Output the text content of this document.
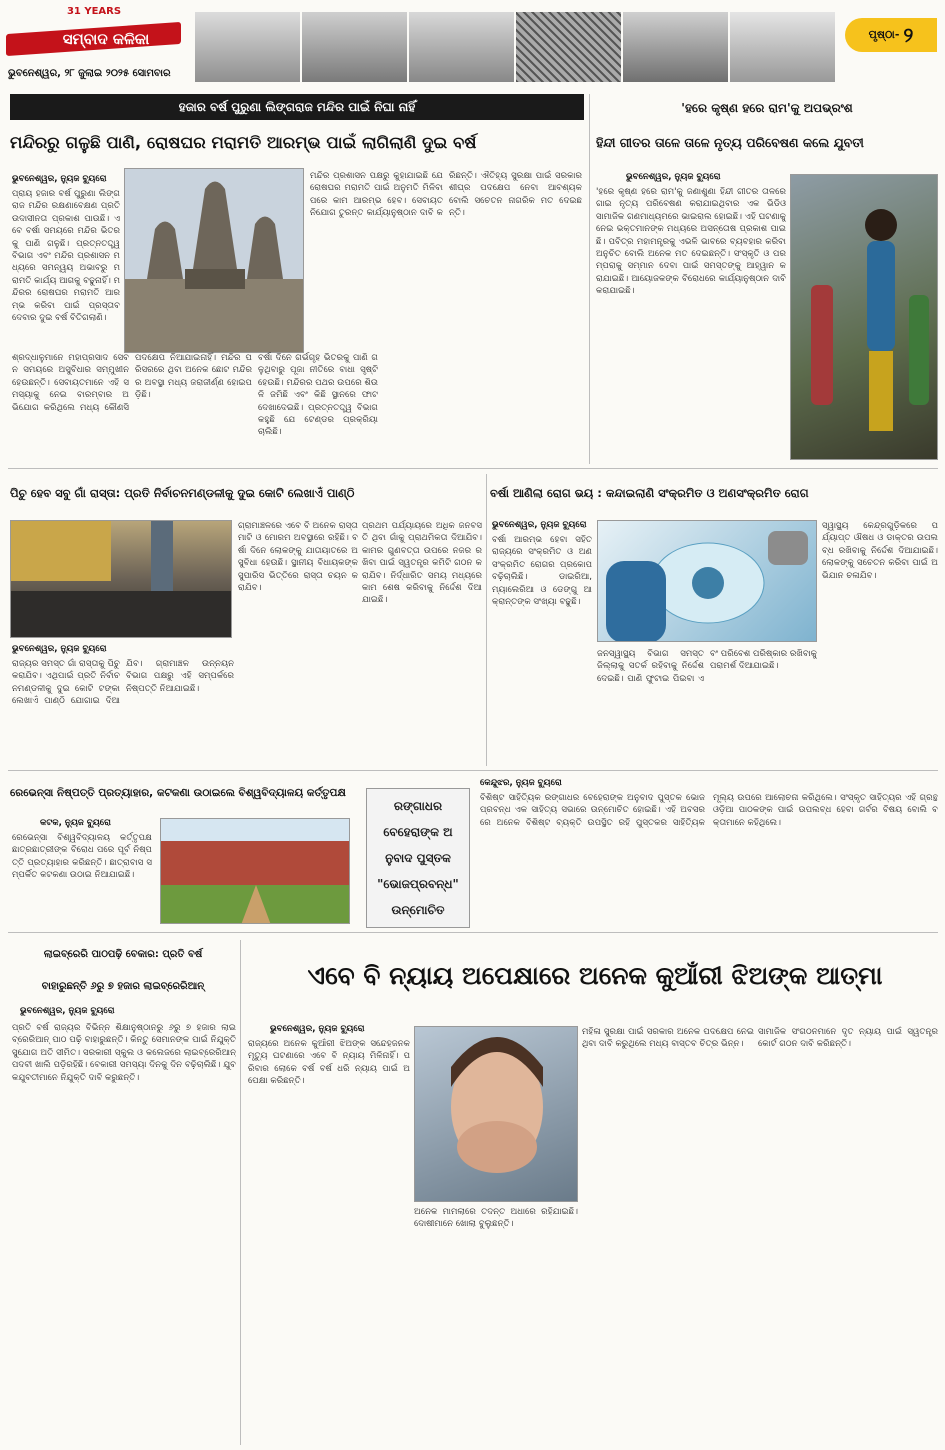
31 YEARS
ସମ୍ବାଦ କଳିକା
ଭୁବନେଶ୍ୱର, ୨୮ ଜୁଲାଇ ୨୦୨୫ ସୋମବାର
ପୃଷ୍ଠା- ୨
ହଜାର ବର୍ଷ ପୁରୁଣା ଲିଙ୍ଗରାଜ ମନ୍ଦିର ପାଇଁ ନିଘା ନାହିଁ
ମନ୍ଦିରରୁ ଗଳୁଛି ପାଣି, ରୋଷଘର ମରାମତି ଆରମ୍ଭ ପାଇଁ ଲାଗିଲାଣି ଦୁଇ ବର୍ଷ
ଭୁବନେଶ୍ୱର, ନ୍ୟୁଜ ବ୍ୟୁରୋ
ପ୍ରାୟ ହଜାର ବର୍ଷ ପୁରୁଣା ଲିଙ୍ଗରାଜ ମନ୍ଦିର ରକ୍ଷଣାବେକ୍ଷଣ ପ୍ରତି ଉଦାସୀନତା ପ୍ରକାଶ ପାଉଛି। ଏବେ ବର୍ଷା ସମୟରେ ମନ୍ଦିର ଭିତରକୁ ପାଣି ଗଳୁଛି। ପ୍ରତ୍ନତତ୍ତ୍ୱ ବିଭାଗ ଏବଂ ମନ୍ଦିର ପ୍ରଶାସନ ମଧ୍ୟରେ ସମନ୍ୱୟ ଅଭାବରୁ ମରାମତି କାର୍ଯ୍ୟ ଆଗକୁ ବଢୁନାହିଁ। ମନ୍ଦିରର ରୋଷଘର ମରାମତି ଆରମ୍ଭ କରିବା ପାଇଁ ପ୍ରସ୍ତାବ ଦେବାର ଦୁଇ ବର୍ଷ ବିତିଗଲାଣି।
ଶ୍ରଦ୍ଧାଳୁମାନେ ମହାପ୍ରସାଦ ସେବନ ସମୟରେ ଅସୁବିଧାର ସମ୍ମୁଖୀନ ହେଉଛନ୍ତି। ସେବାୟତମାନେ ଏହି ସମସ୍ୟାକୁ ନେଇ ବାରମ୍ବାର ଅଭିଯୋଗ କରିଥିଲେ ମଧ୍ୟ କୌଣସି ପଦକ୍ଷେପ ନିଆଯାଇନାହିଁ। ମନ୍ଦିର ପରିସରରେ ଥିବା ଅନେକ ଛୋଟ ମନ୍ଦିରର ଅବସ୍ଥା ମଧ୍ୟ ଜରାଜୀର୍ଣ୍ଣ ହୋଇପଡ଼ିଛି।
ବର୍ଷା ଦିନେ ଗର୍ଭଗୃହ ଭିତରକୁ ପାଣି ଗଳୁଥିବାରୁ ପୂଜା ନୀତିରେ ବାଧା ସୃଷ୍ଟି ହେଉଛି। ମନ୍ଦିରର ପଥର ଉପରେ ଶିଉଳି ଜମିଛି ଏବଂ କିଛି ସ୍ଥାନରେ ଫାଟ ଦେଖାଦେଇଛି। ପ୍ରତ୍ନତତ୍ତ୍ୱ ବିଭାଗ କହୁଛି ଯେ ଟେଣ୍ଡର ପ୍ରକ୍ରିୟା ଚାଲିଛି।
ମନ୍ଦିର ପ୍ରଶାସନ ପକ୍ଷରୁ କୁହାଯାଇଛି ଯେ ରୋଷଘର ମରାମତି ପାଇଁ ଅନୁମତି ମିଳିବା ପରେ କାମ ଆରମ୍ଭ ହେବ। ସେବାୟତ ନିଯୋଗ ତୁରନ୍ତ କାର୍ଯ୍ୟାନୁଷ୍ଠାନ ଦାବି କରିଛନ୍ତି। ଐତିହ୍ୟ ସୁରକ୍ଷା ପାଇଁ ସରକାର ଶୀଘ୍ର ପଦକ୍ଷେପ ନେବା ଆବଶ୍ୟକ ବୋଲି ସଚେତନ ନାଗରିକ ମତ ଦେଇଛନ୍ତି।
'ହରେ କୃଷ୍ଣ ହରେ ରାମ'କୁ ଅପଭ୍ରଂଶ
ହିନ୍ଦୀ ଗୀତର ତାଳେ ତାଳେ ନୃତ୍ୟ ପରିବେଷଣ କଲେ ଯୁବତୀ
ଭୁବନେଶ୍ୱର, ନ୍ୟୁଜ ବ୍ୟୁରୋ
'ହରେ କୃଷ୍ଣ ହରେ ରାମ'କୁ ଜଣାଶୁଣା ହିନ୍ଦୀ ଗୀତର ତାଳରେ ଗାଇ ନୃତ୍ୟ ପରିବେଷଣ କରାଯାଇଥିବାର ଏକ ଭିଡିଓ ସାମାଜିକ ଗଣମାଧ୍ୟମରେ ଭାଇରାଲ ହୋଇଛି। ଏହି ଘଟଣାକୁ ନେଇ ଭକ୍ତମାନଙ୍କ ମଧ୍ୟରେ ଅସନ୍ତୋଷ ପ୍ରକାଶ ପାଇଛି। ପବିତ୍ର ମହାମନ୍ତ୍ରକୁ ଏଭଳି ଭାବରେ ବ୍ୟବହାର କରିବା ଅନୁଚିତ ବୋଲି ଅନେକ ମତ ଦେଇଛନ୍ତି। ସଂସ୍କୃତି ଓ ପରମ୍ପରାକୁ ସମ୍ମାନ ଦେବା ପାଇଁ ସମସ୍ତଙ୍କୁ ଆହ୍ୱାନ କରାଯାଇଛି। ଆୟୋଜକଙ୍କ ବିରୋଧରେ କାର୍ଯ୍ୟାନୁଷ୍ଠାନ ଦାବି କରାଯାଇଛି।
ପିଚୁ ହେବ ସବୁ ଗାଁ ରାସ୍ତା: ପ୍ରତି ନିର୍ବାଚନମଣ୍ଡଳୀକୁ ଦୁଇ କୋଟି ଲେଖାଏଁ ପାଣ୍ଠି
ଭୁବନେଶ୍ୱର, ନ୍ୟୁଜ ବ୍ୟୁରୋ
ରାଜ୍ୟର ସମସ୍ତ ଗାଁ ରାସ୍ତାକୁ ପିଚୁ କରାଯିବ। ଏଥିପାଇଁ ପ୍ରତି ନିର୍ବାଚନମଣ୍ଡଳୀକୁ ଦୁଇ କୋଟି ଟଙ୍କା ଲେଖାଏଁ ପାଣ୍ଠି ଯୋଗାଇ ଦିଆଯିବ। ଗ୍ରାମାଞ୍ଚଳ ଉନ୍ନୟନ ବିଭାଗ ପକ୍ଷରୁ ଏହି ସମ୍ପର୍କରେ ନିଷ୍ପତ୍ତି ନିଆଯାଇଛି।
ଗ୍ରାମାଞ୍ଚଳରେ ଏବେ ବି ଅନେକ ରାସ୍ତା ମାଟି ଓ ମୋରମ ଅବସ୍ଥାରେ ରହିଛି। ବର୍ଷା ଦିନେ ଲୋକଙ୍କୁ ଯାତାୟାତରେ ଅସୁବିଧା ହେଉଛି। ସ୍ଥାନୀୟ ବିଧାୟକଙ୍କ ସୁପାରିସ ଭିତ୍ତିରେ ରାସ୍ତା ଚୟନ କରାଯିବ।
ପ୍ରଥମ ପର୍ଯ୍ୟାୟରେ ଅଧିକ ଜନବସତି ଥିବା ଗାଁକୁ ପ୍ରାଥମିକତା ଦିଆଯିବ। କାମର ଗୁଣବତ୍ତା ଉପରେ ନଜର ରଖିବା ପାଇଁ ସ୍ୱତନ୍ତ୍ର କମିଟି ଗଠନ କରାଯିବ। ନିର୍ଦ୍ଧାରିତ ସମୟ ମଧ୍ୟରେ କାମ ଶେଷ କରିବାକୁ ନିର୍ଦ୍ଦେଶ ଦିଆଯାଇଛି।
ବର୍ଷା ଆଣିଲା ରୋଗ ଭୟ : କନ୍ଦାଇଲାଣି ସଂକ୍ରମିତ ଓ ଅଣସଂକ୍ରମିତ ରୋଗ
ଭୁବନେଶ୍ୱର, ନ୍ୟୁଜ ବ୍ୟୁରୋ
ବର୍ଷା ଆରମ୍ଭ ହେବା ସହିତ ରାଜ୍ୟରେ ସଂକ୍ରମିତ ଓ ଅଣସଂକ୍ରମିତ ରୋଗର ପ୍ରକୋପ ବଢ଼ିଚାଲିଛି। ଡାଇରିଆ, ମ୍ୟାଲେରିଆ ଓ ଡେଙ୍ଗୁ ଆକ୍ରାନ୍ତଙ୍କ ସଂଖ୍ୟା ବଢୁଛି।
ଜନସ୍ୱାସ୍ଥ୍ୟ ବିଭାଗ ସମସ୍ତ ଜିଲ୍ଲାକୁ ସତର୍କ ରହିବାକୁ ନିର୍ଦ୍ଦେଶ ଦେଇଛି। ପାଣି ଫୁଟାଇ ପିଇବା ଏବଂ ପରିବେଶ ପରିଷ୍କାର ରଖିବାକୁ ପରାମର୍ଶ ଦିଆଯାଇଛି।
ସ୍ୱାସ୍ଥ୍ୟ କେନ୍ଦ୍ରଗୁଡ଼ିକରେ ପର୍ଯ୍ୟାପ୍ତ ଔଷଧ ଓ ଡାକ୍ତର ଉପଲବ୍ଧ ରଖିବାକୁ ନିର୍ଦ୍ଦେଶ ଦିଆଯାଇଛି। ଲୋକଙ୍କୁ ସଚେତନ କରିବା ପାଇଁ ଅଭିଯାନ ଚଳାଯିବ।
ରେଭେନ୍ସା ନିଷ୍ପତ୍ତି ପ୍ରତ୍ୟାହାର, କଟକଣା ଉଠାଇଲେ ବିଶ୍ୱବିଦ୍ୟାଳୟ କର୍ତ୍ତୃପକ୍ଷ
କଟକ, ନ୍ୟୁଜ ବ୍ୟୁରୋ
ରେଭେନ୍ସା ବିଶ୍ୱବିଦ୍ୟାଳୟ କର୍ତ୍ତୃପକ୍ଷ ଛାତ୍ରଛାତ୍ରୀଙ୍କ ବିରୋଧ ପରେ ପୂର୍ବ ନିଷ୍ପତ୍ତି ପ୍ରତ୍ୟାହାର କରିଛନ୍ତି। ଛାତ୍ରାବାସ ସମ୍ପର୍କିତ କଟକଣା ଉଠାଇ ନିଆଯାଇଛି।
ରଙ୍ଗାଧର ବେହେରାଙ୍କ ଅନୁବାଦ ପୁସ୍ତକ "ଭୋଜପ୍ରବନ୍ଧ" ଉନ୍ମୋଚିତ
କେନ୍ଦୁଝର, ନ୍ୟୁଜ ବ୍ୟୁରୋ
ବିଶିଷ୍ଟ ସାହିତ୍ୟିକ ରଙ୍ଗାଧର ବେହେରାଙ୍କ ଅନୁବାଦ ପୁସ୍ତକ ଭୋଜପ୍ରବନ୍ଧ ଏକ ସାହିତ୍ୟ ସଭାରେ ଉନ୍ମୋଚିତ ହୋଇଛି। ଏହି ଅବସରରେ ଅନେକ ବିଶିଷ୍ଟ ବ୍ୟକ୍ତି ଉପସ୍ଥିତ ରହି ପୁସ୍ତକର ସାହିତ୍ୟିକ ମୂଲ୍ୟ ଉପରେ ଆଲୋଚନା କରିଥିଲେ। ସଂସ୍କୃତ ସାହିତ୍ୟର ଏହି ଗ୍ରନ୍ଥ ଓଡ଼ିଆ ପାଠକଙ୍କ ପାଇଁ ଉପଲବ୍ଧ ହେବା ଗର୍ବର ବିଷୟ ବୋଲି ବକ୍ତାମାନେ କହିଥିଲେ।
ଲାଇବ୍ରେରି ପାଠପଢ଼ି ବେକାର: ପ୍ରତି ବର୍ଷ
ବାହାରୁଛନ୍ତି ୬ରୁ ୭ ହଜାର ଲାଇବ୍ରେରିଆନ୍
ଭୁବନେଶ୍ୱର, ନ୍ୟୁଜ ବ୍ୟୁରୋ
ପ୍ରତି ବର୍ଷ ରାଜ୍ୟର ବିଭିନ୍ନ ଶିକ୍ଷାନୁଷ୍ଠାନରୁ ୬ରୁ ୭ ହଜାର ଲାଇବ୍ରେରିଆନ୍ ପାଠ ପଢ଼ି ବାହାରୁଛନ୍ତି। କିନ୍ତୁ ସେମାନଙ୍କ ପାଇଁ ନିଯୁକ୍ତି ସୁଯୋଗ ଅତି ସୀମିତ। ସରକାରୀ ସ୍କୁଲ ଓ କଲେଜରେ ଲାଇବ୍ରେରିଆନ୍ ପଦବୀ ଖାଲି ପଡ଼ିରହିଛି। ବେକାରୀ ସମସ୍ୟା ଦିନକୁ ଦିନ ବଢ଼ିଚାଲିଛି। ଯୁବକଯୁବତୀମାନେ ନିଯୁକ୍ତି ଦାବି କରୁଛନ୍ତି।
ଏବେ ବି ନ୍ୟାୟ ଅପେକ୍ଷାରେ ଅନେକ କୁଆଁରୀ ଝିଅଙ୍କ ଆତ୍ମା
ଭୁବନେଶ୍ୱର, ନ୍ୟୁଜ ବ୍ୟୁରୋ
ରାଜ୍ୟରେ ଅନେକ କୁଆଁରୀ ଝିଅଙ୍କ ସନ୍ଦେହଜନକ ମୃତ୍ୟୁ ଘଟଣାରେ ଏବେ ବି ନ୍ୟାୟ ମିଳିନାହିଁ। ପରିବାର ଲୋକେ ବର୍ଷ ବର୍ଷ ଧରି ନ୍ୟାୟ ପାଇଁ ଅପେକ୍ଷା କରିଛନ୍ତି।
ଅନେକ ମାମଲାରେ ତଦନ୍ତ ଅଧାରେ ରହିଯାଇଛି। ଦୋଷୀମାନେ ଖୋଲା ବୁଲୁଛନ୍ତି।
ମହିଳା ସୁରକ୍ଷା ପାଇଁ ସରକାର ଅନେକ ପଦକ୍ଷେପ ନେଇଥିବା ଦାବି କରୁଥିଲେ ମଧ୍ୟ ବାସ୍ତବ ଚିତ୍ର ଭିନ୍ନ।
ସାମାଜିକ ସଂଗଠନମାନେ ଦୃତ ନ୍ୟାୟ ପାଇଁ ସ୍ୱତନ୍ତ୍ର କୋର୍ଟ ଗଠନ ଦାବି କରିଛନ୍ତି।
